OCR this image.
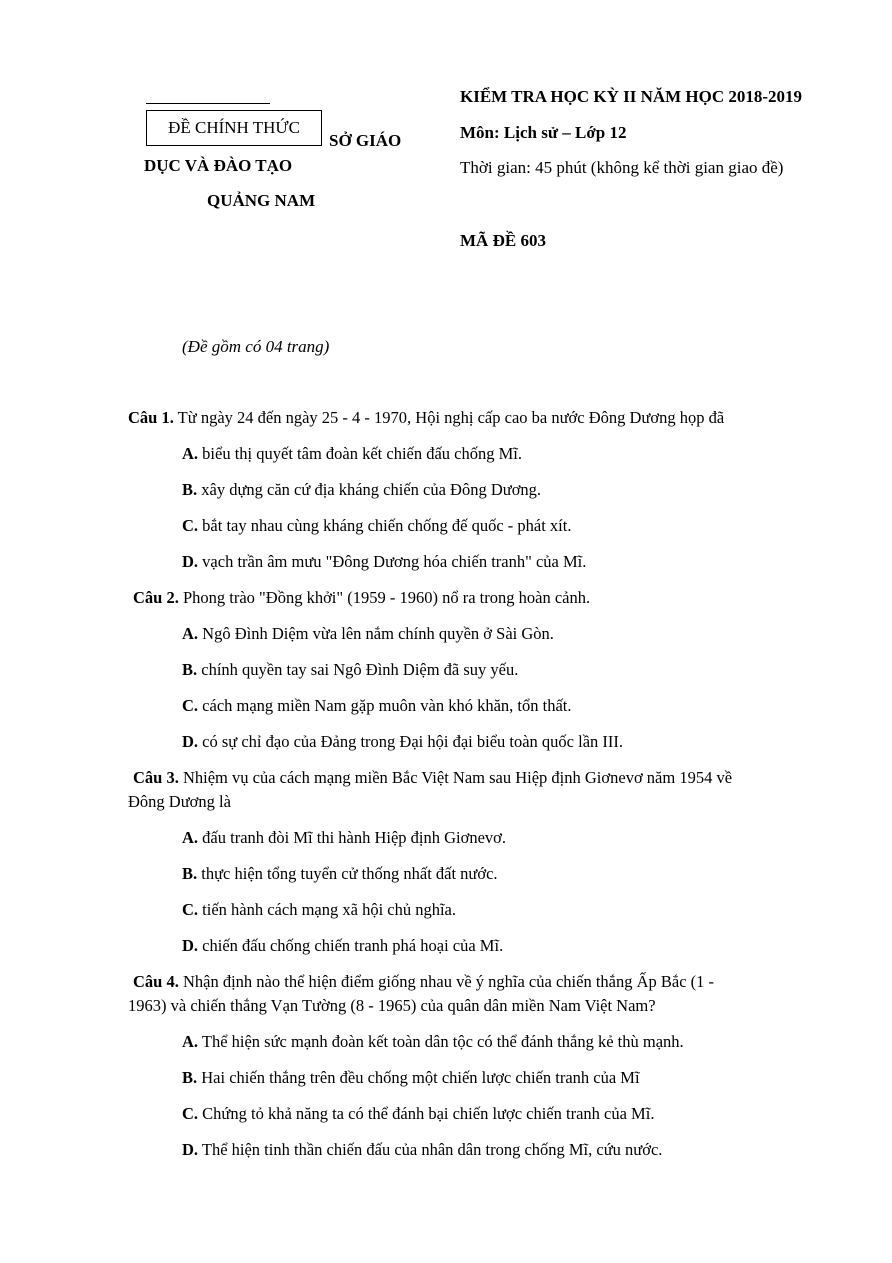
ĐỀ CHÍNH THỨC
SỞ GIÁO
DỤC VÀ ĐÀO TẠO
QUẢNG NAM
KIỂM TRA HỌC KỲ II NĂM HỌC 2018-2019
Môn: Lịch sử – Lớp 12
Thời gian: 45 phút (không kể thời gian giao đề)
MÃ ĐỀ 603
(Đề gồm có 04 trang)
Câu 1. Từ ngày 24 đến ngày 25 - 4 - 1970, Hội nghị cấp cao ba nước Đông Dương họp đã
A. biểu thị quyết tâm đoàn kết chiến đấu chống Mĩ.
B. xây dựng căn cứ địa kháng chiến của Đông Dương.
C. bắt tay nhau cùng kháng chiến chống đế quốc - phát xít.
D. vạch trần âm mưu "Đông Dương hóa chiến tranh" của Mĩ.
Câu 2. Phong trào "Đồng khởi" (1959 - 1960) nổ ra trong hoàn cảnh.
A. Ngô Đình Diệm vừa lên nắm chính quyền ở Sài Gòn.
B. chính quyền tay sai Ngô Đình Diệm đã suy yếu.
C. cách mạng miền Nam gặp muôn vàn khó khăn, tổn thất.
D. có sự chỉ đạo của Đảng trong Đại hội đại biểu toàn quốc lần III.
Câu 3. Nhiệm vụ của cách mạng miền Bắc Việt Nam sau Hiệp định Giơnevơ năm 1954 về
Đông Dương là
A. đấu tranh đòi Mĩ thi hành Hiệp định Giơnevơ.
B. thực hiện tổng tuyển cử thống nhất đất nước.
C. tiến hành cách mạng xã hội chủ nghĩa.
D. chiến đấu chống chiến tranh phá hoại của Mĩ.
Câu 4. Nhận định nào thể hiện điểm giống nhau về ý nghĩa của chiến thắng Ấp Bắc (1 -
1963) và chiến thắng Vạn Tường (8 - 1965) của quân dân miền Nam Việt Nam?
A. Thể hiện sức mạnh đoàn kết toàn dân tộc có thể đánh thắng kẻ thù mạnh.
B. Hai chiến thắng trên đều chống một chiến lược chiến tranh của Mĩ
C. Chứng tỏ khả năng ta có thể đánh bại chiến lược chiến tranh của Mĩ.
D. Thể hiện tinh thần chiến đấu của nhân dân trong chống Mĩ, cứu nước.
